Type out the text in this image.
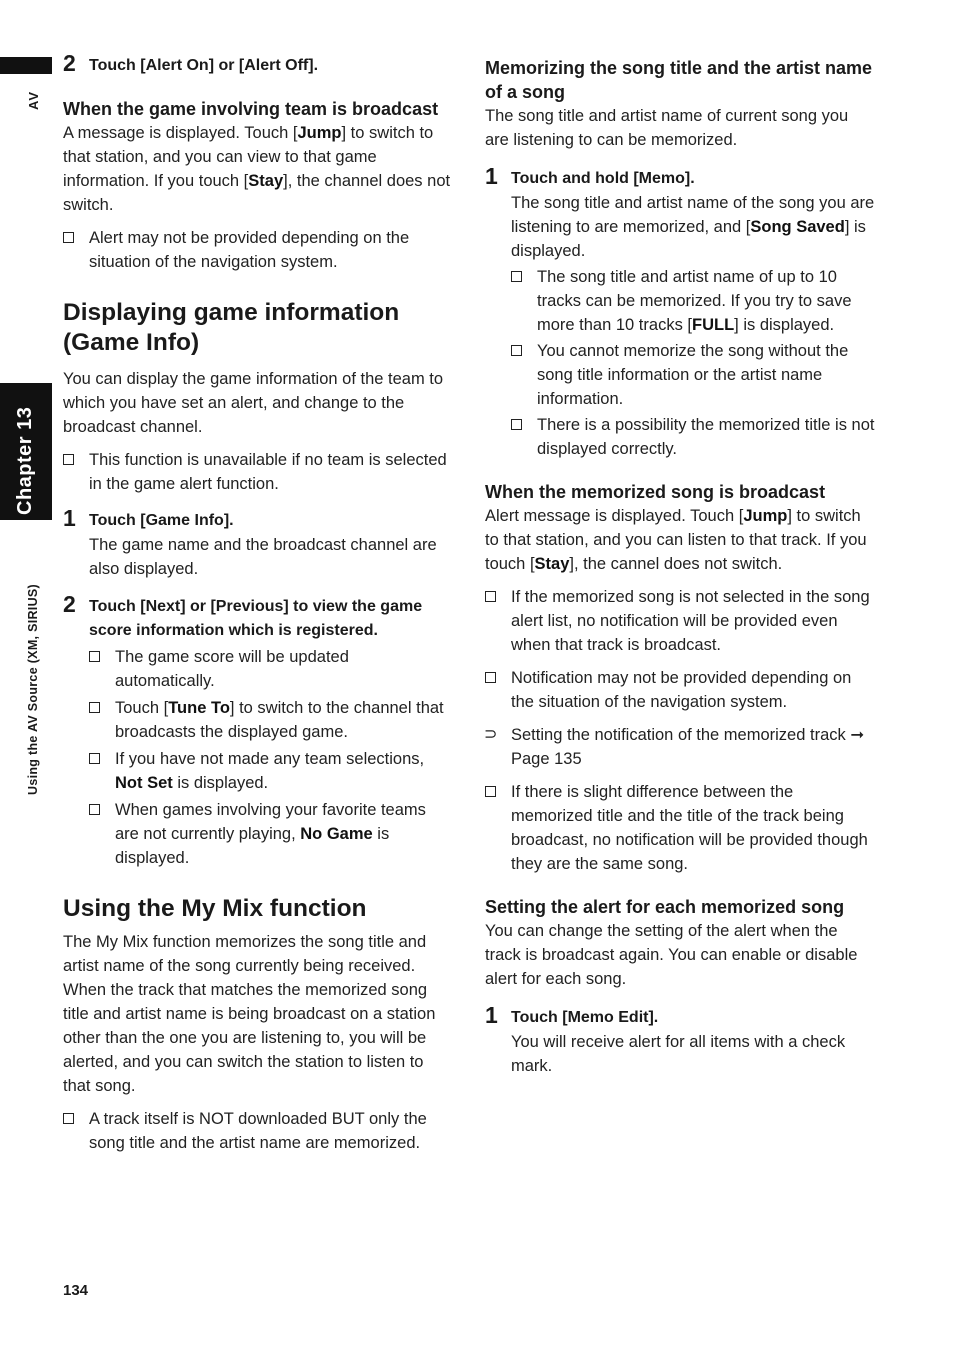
AV
Chapter 13
Using the AV Source (XM, SIRIUS)
2 Touch [Alert On] or [Alert Off].
When the game involving team is broadcast
A message is displayed. Touch [Jump] to switch to that station, and you can view to that game information. If you touch [Stay], the channel does not switch.
Alert may not be provided depending on the situation of the navigation system.
Displaying game information (Game Info)
You can display the game information of the team to which you have set an alert, and change to the broadcast channel.
This function is unavailable if no team is selected in the game alert function.
1 Touch [Game Info].
The game name and the broadcast channel are also displayed.
2 Touch [Next] or [Previous] to view the game score information which is registered.
The game score will be updated automatically.
Touch [Tune To] to switch to the channel that broadcasts the displayed game.
If you have not made any team selections, Not Set is displayed.
When games involving your favorite teams are not currently playing, No Game is displayed.
Using the My Mix function
The My Mix function memorizes the song title and artist name of the song currently being received. When the track that matches the memorized song title and artist name is being broadcast on a station other than the one you are listening to, you will be alerted, and you can switch the station to listen to that song.
A track itself is NOT downloaded BUT only the song title and the artist name are memorized.
Memorizing the song title and the artist name of a song
The song title and artist name of current song you are listening to can be memorized.
1 Touch and hold [Memo].
The song title and artist name of the song you are listening to are memorized, and [Song Saved] is displayed.
The song title and artist name of up to 10 tracks can be memorized. If you try to save more than 10 tracks [FULL] is displayed.
You cannot memorize the song without the song title information or the artist name information.
There is a possibility the memorized title is not displayed correctly.
When the memorized song is broadcast
Alert message is displayed. Touch [Jump] to switch to that station, and you can listen to that track. If you touch [Stay], the cannel does not switch.
If the memorized song is not selected in the song alert list, no notification will be provided even when that track is broadcast.
Notification may not be provided depending on the situation of the navigation system.
⊃ Setting the notification of the memorized track ➞ Page 135
If there is slight difference between the memorized title and the title of the track being broadcast, no notification will be provided though they are the same song.
Setting the alert for each memorized song
You can change the setting of the alert when the track is broadcast again. You can enable or disable alert for each song.
1 Touch [Memo Edit].
You will receive alert for all items with a check mark.
134
